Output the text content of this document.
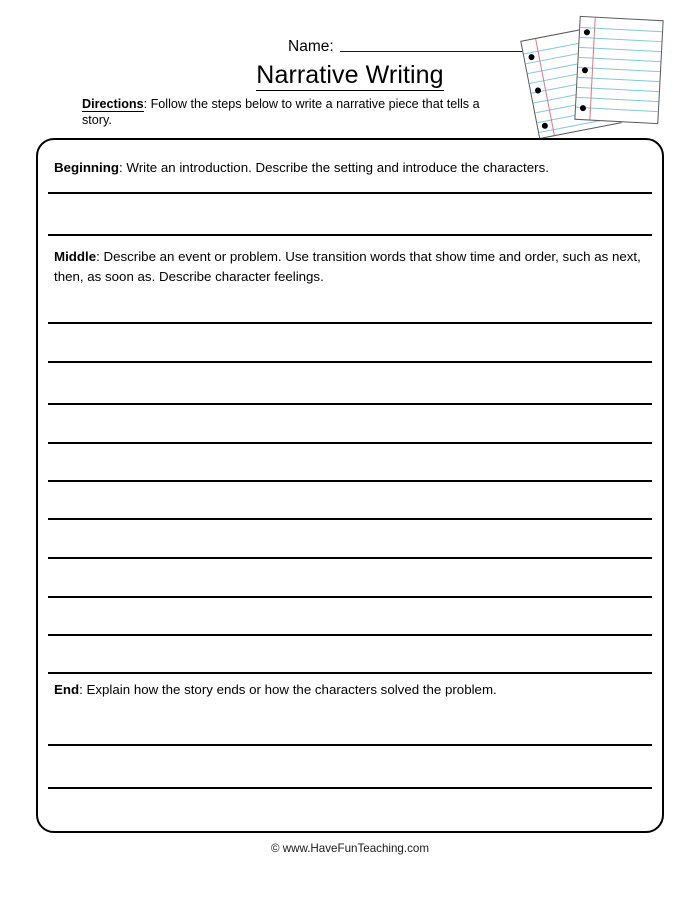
Name:
Narrative Writing
Directions: Follow the steps below to write a narrative piece that tells a story.
Beginning: Write an introduction. Describe the setting and introduce the characters.
Middle: Describe an event or problem. Use transition words that show time and order, such as next, then, as soon as. Describe character feelings.
End: Explain how the story ends or how the characters solved the problem.
© www.HaveFunTeaching.com
